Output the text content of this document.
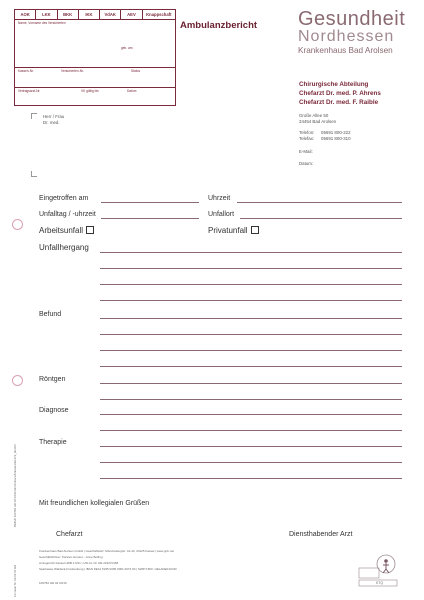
AOK	LKK	BKK	IKK	VdAK	AEV	Knappschaft
Name, Vorname des Versicherten
geb. am
Kassen-Nr.	Versicherten-Nr.	Status
Vertragsarzt-Nr.	VK gültig bis	Datum
Ambulanzbericht Gesundheit
Nordhessen
Krankenhaus Bad Arolsen
Chirurgische Abteilung
Chefarzt Dr. med. P. Ahrens
Chefarzt Dr. med. F. Raible
Große Allee 50
34454 Bad Arolsen
Telefon: 05691 800-222
Telefax: 05691 800-310
E-Mail:
Datum:
Herr / Frau
Dr. med.
Eingetroffen am	Uhrzeit
Unfalltag / -uhrzeit	Unfallort
Arbeitsunfall	Privatunfall
Unfallhergang
Befund
Röntgen
Diagnose
Therapie
Mit freundlichen kollegialen Grüßen
Chefarzt	Diensthabender Arzt
Krankenhaus Bad Arolsen GmbH | Geschäftssitz: Mönchebergstr. 41-43, 34125 Kassel | www.gnh.net
Geschäftsführer: Karsten Honsel – Anne Bolling
Amtsgericht Kassel HRB 17211 | USt-Id.-Nr. DE 224270186
Sparkasse Waldeck-Frankenberg | IBAN DE12 5235 0005 0001 0074 00 | SWIFT-BIC: HELADEF1KOR
100782 HD 02 03/16	KTQ
BK/KA/ 100782 HD 02 03/16 GN Arolsen/Ambulanzbericht_Vers03
Formular Nr. 02.03.15.GN
